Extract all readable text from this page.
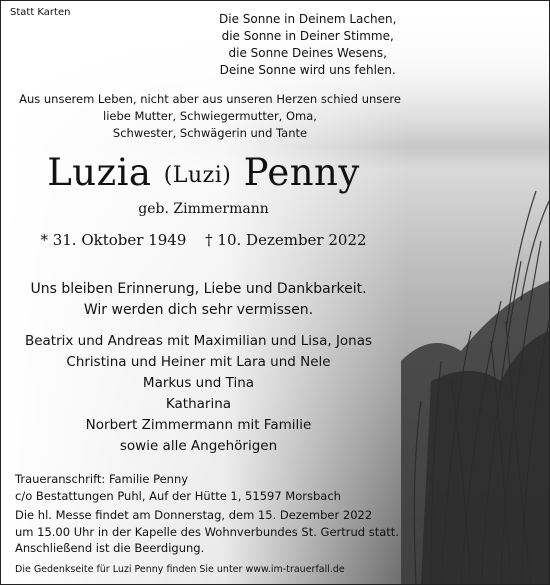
Statt Karten	Die Sonne in Deinem Lachen,
die Sonne in Deiner Stimme,
die Sonne Deines Wesens,
Deine Sonne wird uns fehlen.
Aus unserem Leben, nicht aber aus unseren Herzen schied unsere
liebe Mutter, Schwiegermutter, Oma,
Schwester, Schwägerin und Tante
Luzia (Luzi) Penny
geb. Zimmermann
* 31. Oktober 1949 † 10. Dezember 2022
Uns bleiben Erinnerung, Liebe und Dankbarkeit.
Wir werden dich sehr vermissen.
Beatrix und Andreas mit Maximilian und Lisa, Jonas
Christina und Heiner mit Lara und Nele
Markus und Tina
Katharina
Norbert Zimmermann mit Familie
sowie alle Angehörigen
Traueranschrift: Familie Penny
c/o Bestattungen Puhl, Auf der Hütte 1, 51597 Morsbach
Die hl. Messe findet am Donnerstag, dem 15. Dezember 2022
um 15.00 Uhr in der Kapelle des Wohnverbundes St. Gertrud statt.
Anschließend ist die Beerdigung.
Die Gedenkseite für Luzi Penny finden Sie unter www.im-trauerfall.de
